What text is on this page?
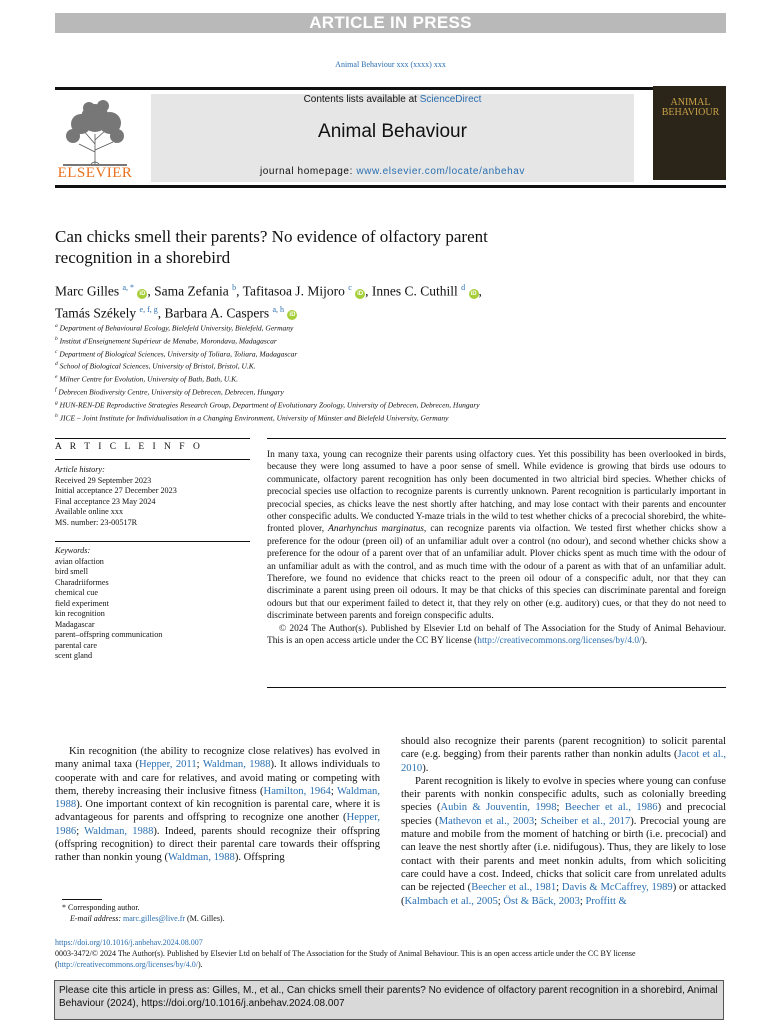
ARTICLE IN PRESS
Animal Behaviour xxx (xxxx) xxx
ELSEVIER
Contents lists available at ScienceDirect
Animal Behaviour
journal homepage: www.elsevier.com/locate/anbehav
ANIMAL BEHAVIOUR
Can chicks smell their parents? No evidence of olfactory parent
recognition in a shorebird
Marc Gilles $^{a, *}$ iD , Sama Zefania $^b$, Tafitasoa J. Mijoro $^c$ iD , Innes C. Cuthill $^d$ iD ,
Tamás Székely $^{e, f, g}$, Barbara A. Caspers $^{a, h}$ iD
$^a$ Department of Behavioural Ecology, Bielefeld University, Bielefeld, Germany
$^b$ Institut d'Enseignement Supérieur de Menabe, Morondava, Madagascar
$^c$ Department of Biological Sciences, University of Toliara, Toliara, Madagascar
$^d$ School of Biological Sciences, University of Bristol, Bristol, U.K.
$^e$ Milner Centre for Evolution, University of Bath, Bath, U.K.
$^f$ Debrecen Biodiversity Centre, University of Debrecen, Debrecen, Hungary
$^g$ HUN-REN-DE Reproductive Strategies Research Group, Department of Evolutionary Zoology, University of Debrecen, Debrecen, Hungary
$^h$ JICE – Joint Institute for Individualisation in a Changing Environment, University of Münster and Bielefeld University, Germany
A R T I C L E I N F O
Article history:
Received 29 September 2023
Initial acceptance 27 December 2023
Final acceptance 23 May 2024
Available online xxx
MS. number: 23-00517R
Keywords:
avian olfaction
bird smell
Charadriiformes
chemical cue
field experiment
kin recognition
Madagascar
parent–offspring communication
parental care
scent gland

In many taxa, young can recognize their parents using olfactory cues. Yet this possibility has been overlooked in birds, because they were long assumed to have a poor sense of smell. While evidence is growing that birds use odours to communicate, olfactory parent recognition has only been documented in two altricial bird species. Whether chicks of precocial species use olfaction to recognize parents is currently unknown. Parent recognition is particularly important in precocial species, as chicks leave the nest shortly after hatching, and may lose contact with their parents and encounter other conspecific adults. We conducted Y-maze trials in the wild to test whether chicks of a precocial shorebird, the white-fronted plover, Anarhynchus marginatus, can recognize parents via olfaction. We tested first whether chicks show a preference for the odour (preen oil) of an unfamiliar adult over a control (no odour), and second whether chicks show a preference for the odour of a parent over that of an unfamiliar adult. Plover chicks spent as much time with the odour of an unfamiliar adult as with the control, and as much time with the odour of a parent as with that of an unfamiliar adult. Therefore, we found no evidence that chicks react to the preen oil odour of a conspecific adult, nor that they can discriminate a parent using preen oil odours. It may be that chicks of this species can discriminate parental and foreign odours but that our experiment failed to detect it, that they rely on other (e.g. auditory) cues, or that they do not need to discriminate between parents and foreign conspecific adults.

© 2024 The Author(s). Published by Elsevier Ltd on behalf of The Association for the Study of Animal Behaviour. This is an open access article under the CC BY license (http://creativecommons.org/licenses/by/4.0/).

Kin recognition (the ability to recognize close relatives) has evolved in many animal taxa (Hepper, 2011; Waldman, 1988). It allows individuals to cooperate with and care for relatives, and avoid mating or competing with them, thereby increasing their inclusive fitness (Hamilton, 1964; Waldman, 1988). One important context of kin recognition is parental care, where it is advantageous for parents and offspring to recognize one another (Hepper, 1986; Waldman, 1988). Indeed, parents should recognize their offspring (offspring recognition) to direct their parental care towards their offspring rather than nonkin young (Waldman, 1988). Offspring

should also recognize their parents (parent recognition) to solicit parental care (e.g. begging) from their parents rather than nonkin adults (Jacot et al., 2010).

Parent recognition is likely to evolve in species where young can confuse their parents with nonkin conspecific adults, such as colonially breeding species (Aubin & Jouventin, 1998; Beecher et al., 1986) and precocial species (Mathevon et al., 2003; Scheiber et al., 2017). Precocial young are mature and mobile from the moment of hatching or birth (i.e. precocial) and can leave the nest shortly after (i.e. nidifugous). Thus, they are likely to lose contact with their parents and meet nonkin adults, from which soliciting care could have a cost. Indeed, chicks that solicit care from unrelated adults can be rejected (Beecher et al., 1981; Davis & McCaffrey, 1989) or attacked (Kalmbach et al., 2005; Öst & Bäck, 2003; Proffitt &

* Corresponding author.
E-mail address: marc.gilles@live.fr (M. Gilles).
https://doi.org/10.1016/j.anbehav.2024.08.007
0003-3472/© 2024 The Author(s). Published by Elsevier Ltd on behalf of The Association for the Study of Animal Behaviour. This is an open access article under the CC BY license (http://creativecommons.org/licenses/by/4.0/).
Please cite this article in press as: Gilles, M., et al., Can chicks smell their parents? No evidence of olfactory parent recognition in a shorebird, Animal Behaviour (2024), https://doi.org/10.1016/j.anbehav.2024.08.007
